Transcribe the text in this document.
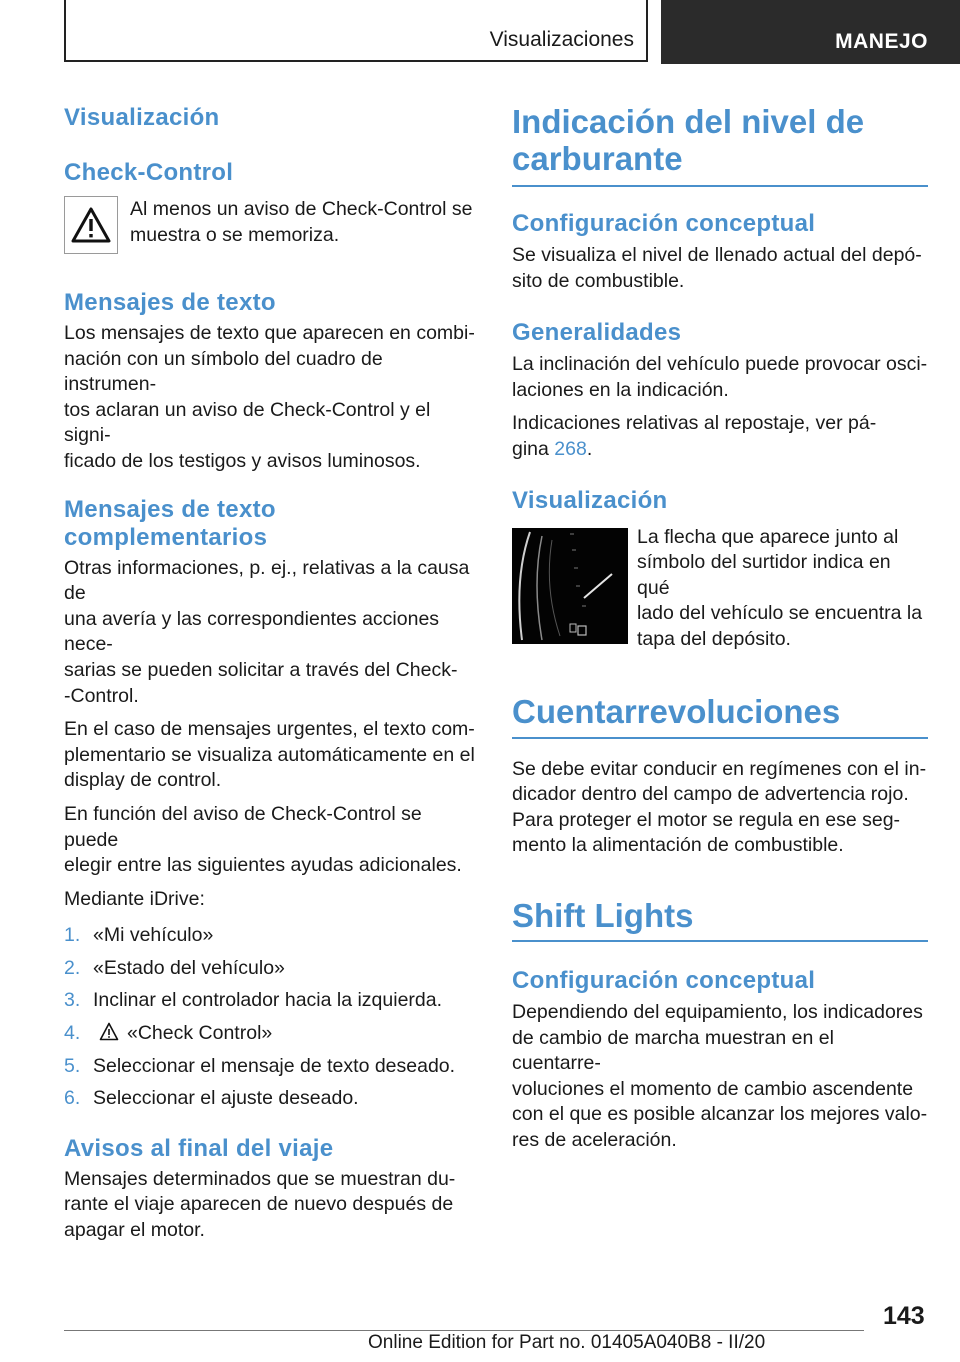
Visualizaciones	MANEJO
Visualización
Check-Control

Al menos un aviso de Check-Control se

muestra o se memoriza.

Mensajes de texto

Los mensajes de texto que aparecen en combi-

nación con un símbolo del cuadro de instrumen-

tos aclaran un aviso de Check-Control y el signi-

ficado de los testigos y avisos luminosos.

Mensajes de texto complementarios

Otras informaciones, p. ej., relativas a la causa de

una avería y las correspondientes acciones nece-

sarias se pueden solicitar a través del Check-

-Control.

En el caso de mensajes urgentes, el texto com-

plementario se visualiza automáticamente en el

display de control.

En función del aviso de Check-Control se puede

elegir entre las siguientes ayudas adicionales.

Mediante iDrive:

1. «Mi vehículo»
2. «Estado del vehículo»
3. Inclinar el controlador hacia la izquierda.
4.	«Check Control»
5. Seleccionar el mensaje de texto deseado.
6. Seleccionar el ajuste deseado.
Avisos al final del viaje

Mensajes determinados que se muestran du-

rante el viaje aparecen de nuevo después de

apagar el motor.

Indicación del nivel de
carburante
Configuración conceptual

Se visualiza el nivel de llenado actual del depó-

sito de combustible.

Generalidades

La inclinación del vehículo puede provocar osci-

laciones en la indicación.

Indicaciones relativas al repostaje, ver pá-

gina 268.

Visualización

La flecha que aparece junto al

símbolo del surtidor indica en qué

lado del vehículo se encuentra la

tapa del depósito.

Cuentarrevoluciones

Se debe evitar conducir en regímenes con el in-

dicador dentro del campo de advertencia rojo.

Para proteger el motor se regula en ese seg-

mento la alimentación de combustible.

Shift Lights
Configuración conceptual

Dependiendo del equipamiento, los indicadores

de cambio de marcha muestran en el cuentarre-

voluciones el momento de cambio ascendente

con el que es posible alcanzar los mejores valo-

res de aceleración.

143
Online Edition for Part no. 01405A040B8 - II/20
